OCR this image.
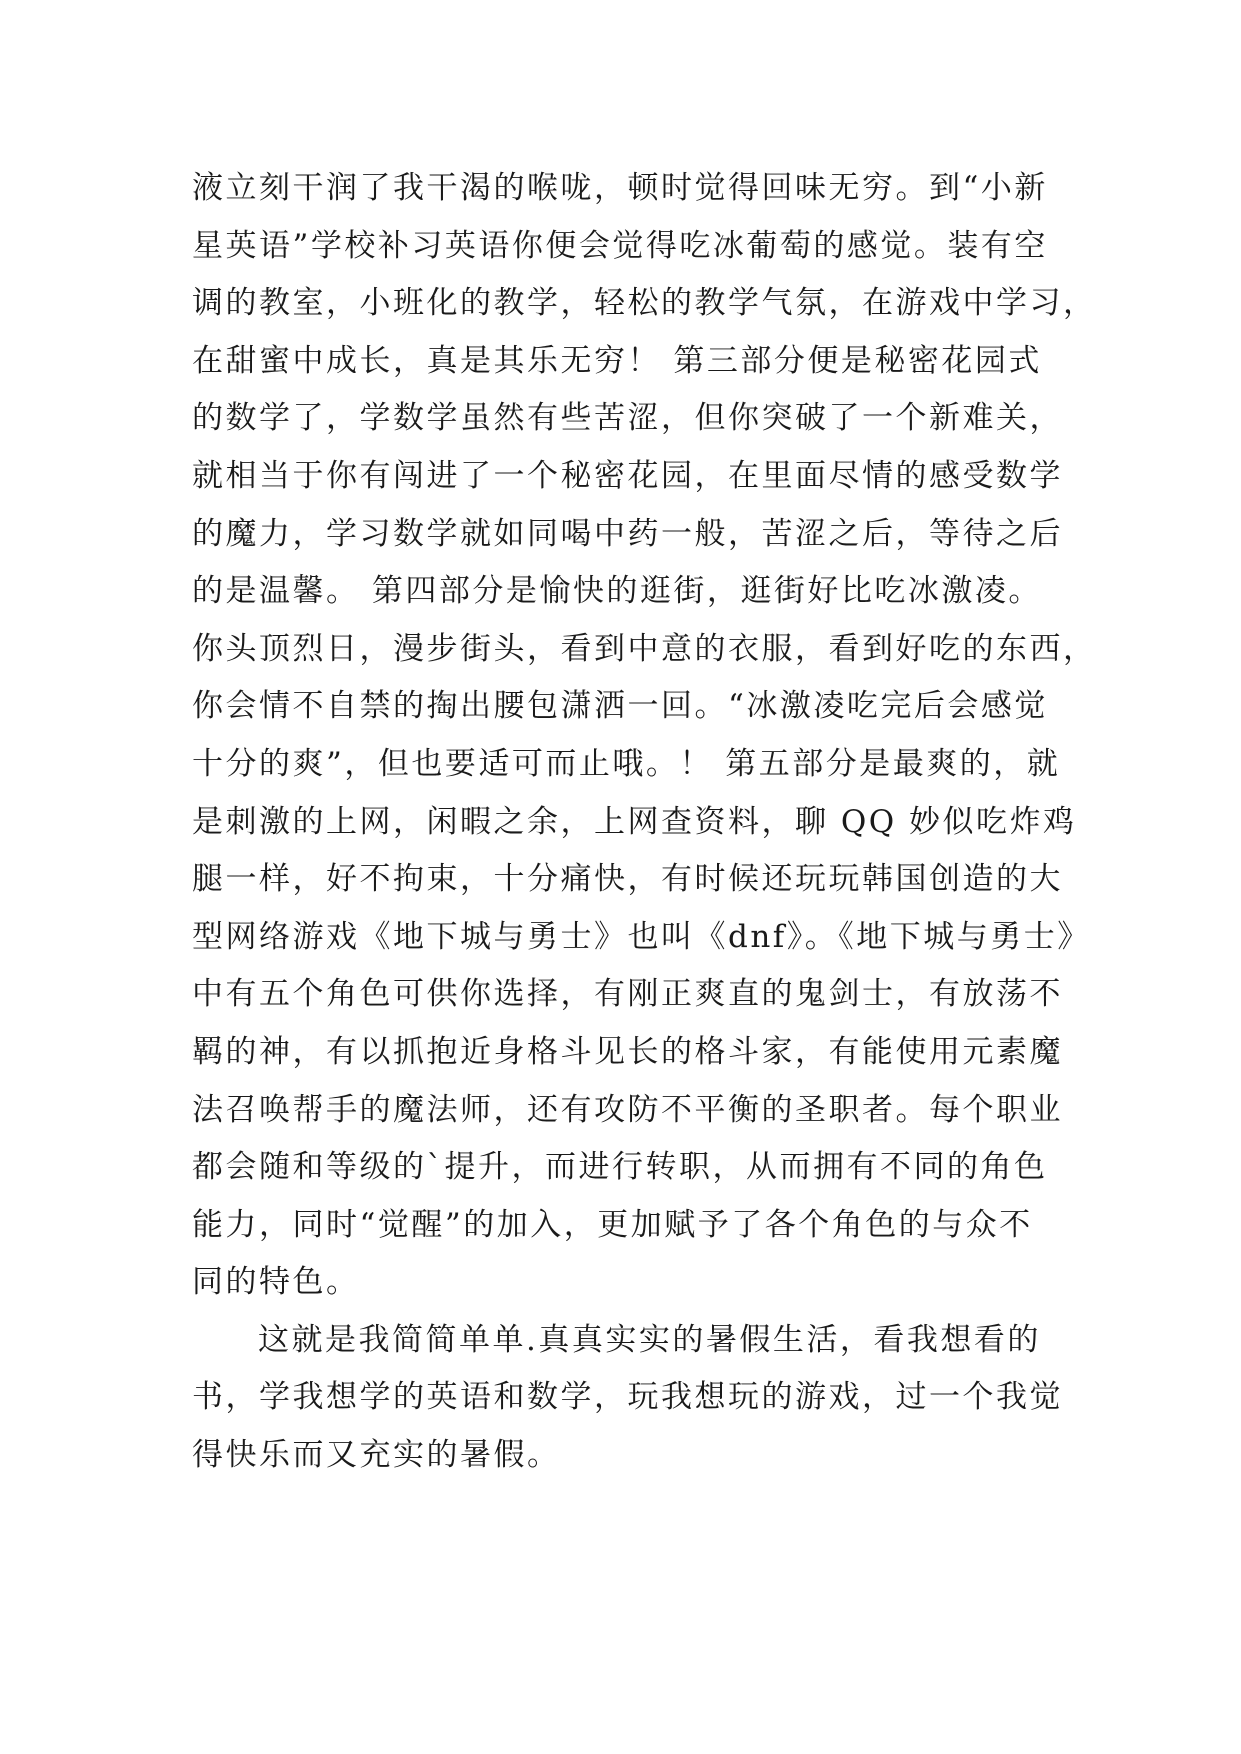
液立刻干润了我干渴的喉咙，顿时觉得回味无穷。到“小新
星英语”学校补习英语你便会觉得吃冰葡萄的感觉。装有空
调的教室，小班化的教学，轻松的教学气氛，在游戏中学习，
在甜蜜中成长，真是其乐无穷！ 第三部分便是秘密花园式
的数学了，学数学虽然有些苦涩，但你突破了一个新难关，
就相当于你有闯进了一个秘密花园，在里面尽情的感受数学
的魔力，学习数学就如同喝中药一般，苦涩之后，等待之后
的是温馨。 第四部分是愉快的逛街，逛街好比吃冰激凌。
你头顶烈日，漫步街头，看到中意的衣服，看到好吃的东西，
你会情不自禁的掏出腰包潇洒一回。“冰激凌吃完后会感觉
十分的爽”，但也要适可而止哦。！ 第五部分是最爽的，就
是刺激的上网，闲暇之余，上网查资料，聊 QQ 妙似吃炸鸡
腿一样，好不拘束，十分痛快，有时候还玩玩韩国创造的大
型网络游戏《地下城与勇士》也叫《dnf》。《地下城与勇士》
中有五个角色可供你选择，有刚正爽直的鬼剑士，有放荡不
羁的神，有以抓抱近身格斗见长的格斗家，有能使用元素魔
法召唤帮手的魔法师，还有攻防不平衡的圣职者。每个职业
都会随和等级的`提升，而进行转职，从而拥有不同的角色
能力，同时“觉醒”的加入，更加赋予了各个角色的与众不
同的特色。
这就是我简简单单.真真实实的暑假生活，看我想看的
书，学我想学的英语和数学，玩我想玩的游戏，过一个我觉
得快乐而又充实的暑假。
